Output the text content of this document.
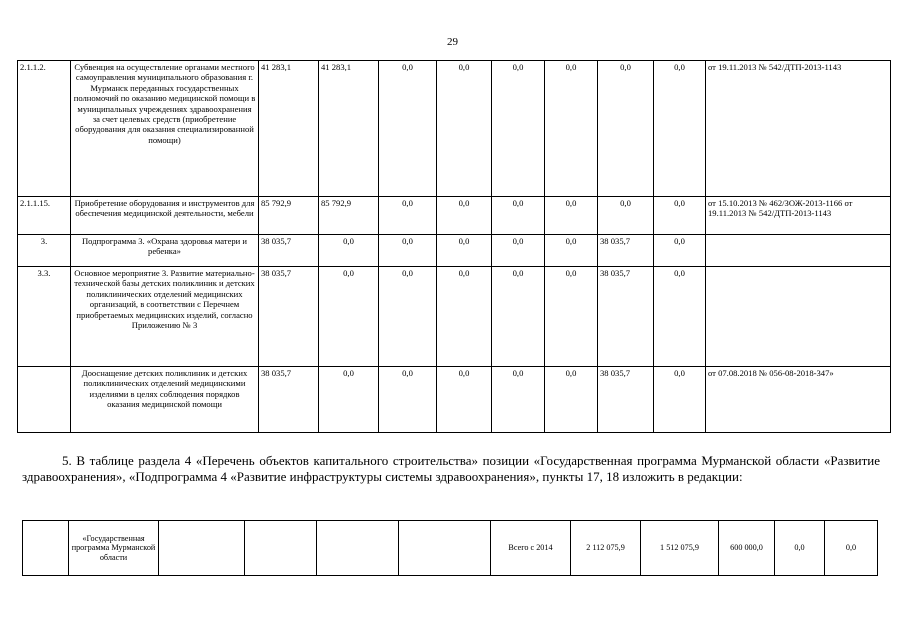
29
2.1.1.2.	Субвенция на осуществление органами местного самоуправления муниципального образования г. Мурманск переданных государственных полномочий по оказанию медицинской помощи в муниципальных учреждениях здравоохранения за счет целевых средств (приобретение оборудования для оказания специализированной помощи)	41 283,1	41 283,1	0,0	0,0	0,0	0,0	0,0	0,0	от 19.11.2013 № 542/ДТП-2013-1143
2.1.1.15.	Приобретение оборудования и инструментов для обеспечения медицинской деятельности, мебели	85 792,9	85 792,9	0,0	0,0	0,0	0,0	0,0	0,0	от 15.10.2013 № 462/ЗОЖ-2013-1166 от 19.11.2013 № 542/ДТП-2013-1143
3.	Подпрограмма 3. «Охрана здоровья матери и ребенка»	38 035,7	0,0	0,0	0,0	0,0	0,0	38 035,7	0,0	
3.3.	Основное мероприятие 3. Развитие материально-технической базы детских поликлиник и детских поликлинических отделений медицинских организаций, в соответствии с Перечнем приобретаемых медицинских изделий, согласно Приложению № 3	38 035,7	0,0	0,0	0,0	0,0	0,0	38 035,7	0,0	
	Дооснащение детских поликлиник и детских поликлинических отделений медицинскими изделиями в целях соблюдения порядков оказания медицинской помощи	38 035,7	0,0	0,0	0,0	0,0	0,0	38 035,7	0,0	от 07.08.2018 № 056-08-2018-347»
5. В таблице раздела 4 «Перечень объектов капитального строительства» позиции «Государственная программа Мурманской области «Развитие здравоохранения», «Подпрограмма 4 «Развитие инфраструктуры системы здравоохранения», пункты 17, 18 изложить в редакции:
	«Государственная программа Мурманской области						Всего с 2014	2 112 075,9	1 512 075,9	600 000,0	0,0	0,0
